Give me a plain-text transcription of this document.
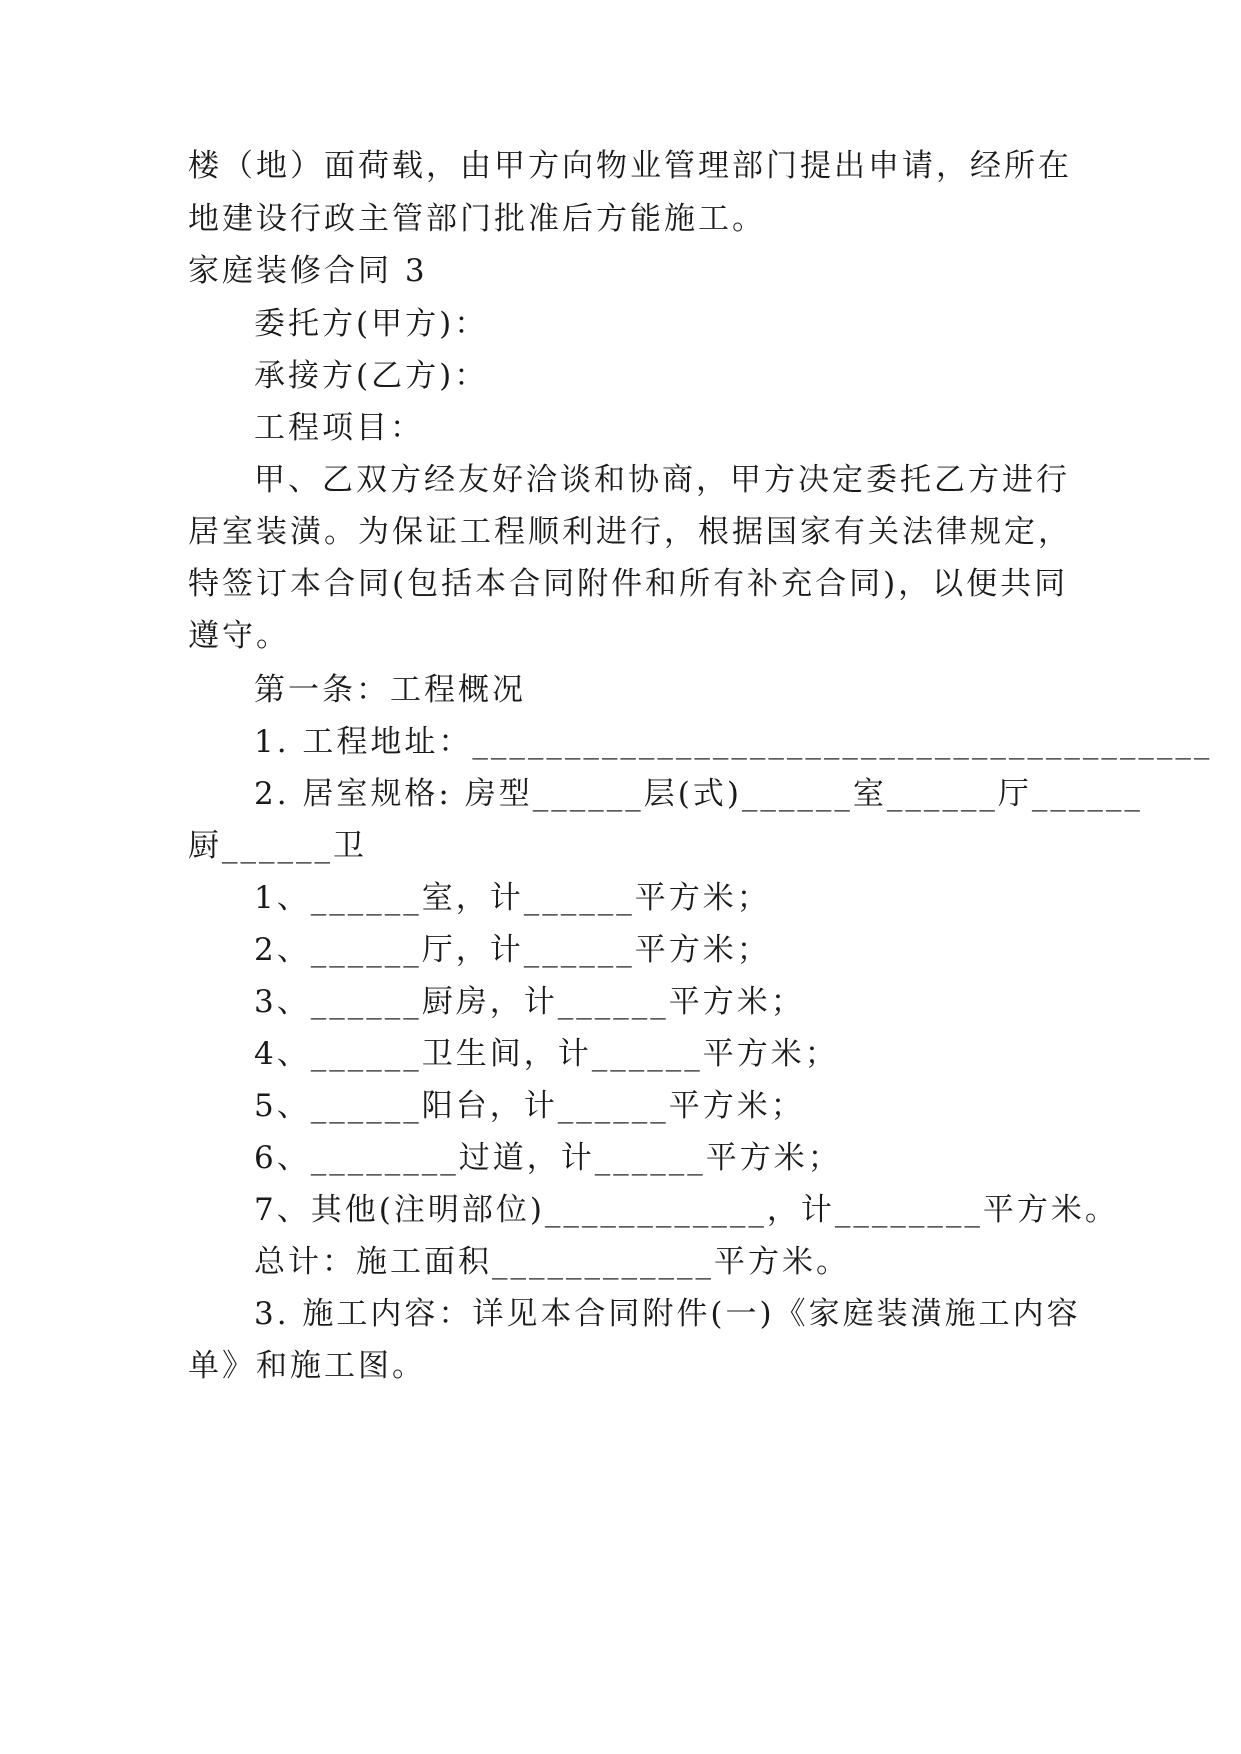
楼（地）面荷载，由甲方向物业管理部门提出申请，经所在
地建设行政主管部门批准后方能施工。
家庭装修合同 3
委托方(甲方)：
承接方(乙方)：
工程项目：
甲、乙双方经友好洽谈和协商，甲方决定委托乙方进行
居室装潢。为保证工程顺利进行，根据国家有关法律规定，
特签订本合同(包括本合同附件和所有补充合同)，以便共同
遵守。
第一条：工程概况
1. 工程地址：________________________________________
2. 居室规格: 房型______层(式)______室______厅______
厨______卫
1、______室，计______平方米；
2、______厅，计______平方米；
3、______厨房，计______平方米；
4、______卫生间，计______平方米；
5、______阳台，计______平方米；
6、________过道，计______平方米；
7、其他(注明部位)____________，计________平方米。
总计：施工面积____________平方米。
3. 施工内容：详见本合同附件(一)《家庭装潢施工内容
单》和施工图。
